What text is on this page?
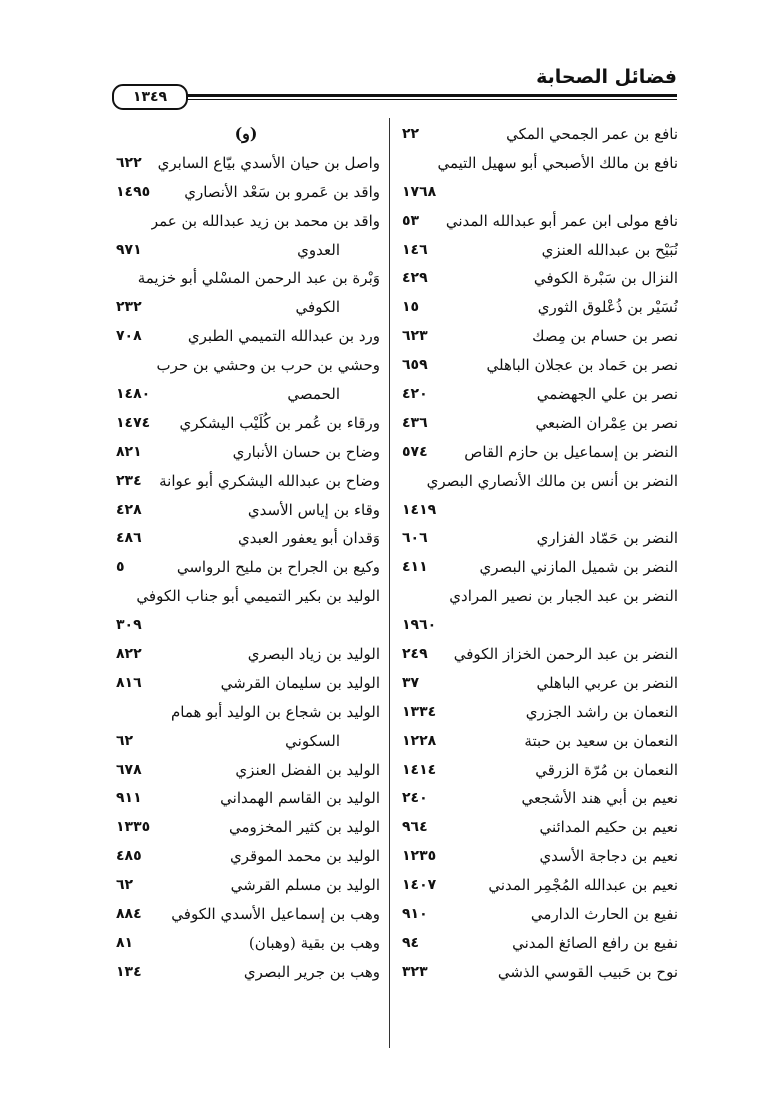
فضائل الصحابة
١٣٤٩
نافع بن عمر الجمحي المكي
٢٢
نافع بن مالك الأصبحي أبو سهيل التيمي
١٧٦٨
نافع مولى ابن عمر أبو عبدالله المدني
٥٣
نُبَيْح بن عبدالله العنزي
١٤٦
النزال بن سَبْرة الكوفي
٤٢٩
نُسَيْر بن ذُعْلوق الثوري
١٥
نصر بن حسام بن مِصك
٦٢٣
نصر بن حَماد بن عجلان الباهلي
٦٥٩
نصر بن علي الجهضمي
٤٢٠
نصر بن عِمْران الضبعي
٤٣٦
النضر بن إسماعيل بن حازم القاص
٥٧٤
النضر بن أنس بن مالك الأنصاري البصري
١٤١٩
النضر بن حَمّاد الفزاري
٦٠٦
النضر بن شميل المازني البصري
٤١١
النضر بن عبد الجبار بن نصير المرادي
١٩٦٠
النضر بن عبد الرحمن الخزاز الكوفي
٢٤٩
النضر بن عربي الباهلي
٣٧
النعمان بن راشد الجزري
١٣٣٤
النعمان بن سعيد بن حبتة
١٢٢٨
النعمان بن مُرّة الزرقي
١٤١٤
نعيم بن أبي هند الأشجعي
٢٤٠
نعيم بن حكيم المدائني
٩٦٤
نعيم بن دجاجة الأسدي
١٢٣٥
نعيم بن عبدالله المُجْمِر المدني
١٤٠٧
نفيع بن الحارث الدارمي
٩١٠
نفيع بن رافع الصائغ المدني
٩٤
نوح بن حَبيب القوسي الذشي
٣٢٣
(و)
واصل بن حيان الأسدي بيّاع السابري
٦٢٢
واقد بن عَمرو بن سَعْد الأنصاري
١٤٩٥
واقد بن محمد بن زيد عبدالله بن عمر
العدوي
٩٧١
وَبْرة بن عبد الرحمن المسْلي أبو خزيمة
الكوفي
٢٣٢
ورد بن عبدالله التميمي الطبري
٧٠٨
وحشي بن حرب بن وحشي بن حرب
الحمصي
١٤٨٠
ورقاء بن عُمر بن كُلَيْب اليشكري
١٤٧٤
وضاح بن حسان الأنباري
٨٢١
وضاح بن عبدالله اليشكري أبو عوانة
٢٣٤
وقاء بن إياس الأسدي
٤٢٨
وَقدان أبو يعفور العبدي
٤٨٦
وكيع بن الجراح بن مليح الرواسي
٥
الوليد بن بكير التميمي أبو جناب الكوفي
٣٠٩
الوليد بن زياد البصري
٨٢٢
الوليد بن سليمان القرشي
٨١٦
الوليد بن شجاع بن الوليد أبو همام
السكوني
٦٢
الوليد بن الفضل العنزي
٦٧٨
الوليد بن القاسم الهمداني
٩١١
الوليد بن كثير المخزومي
١٣٣٥
الوليد بن محمد الموقري
٤٨٥
الوليد بن مسلم القرشي
٦٢
وهب بن إسماعيل الأسدي الكوفي
٨٨٤
وهب بن بقية (وهبان)
٨١
وهب بن جرير البصري
١٣٤
